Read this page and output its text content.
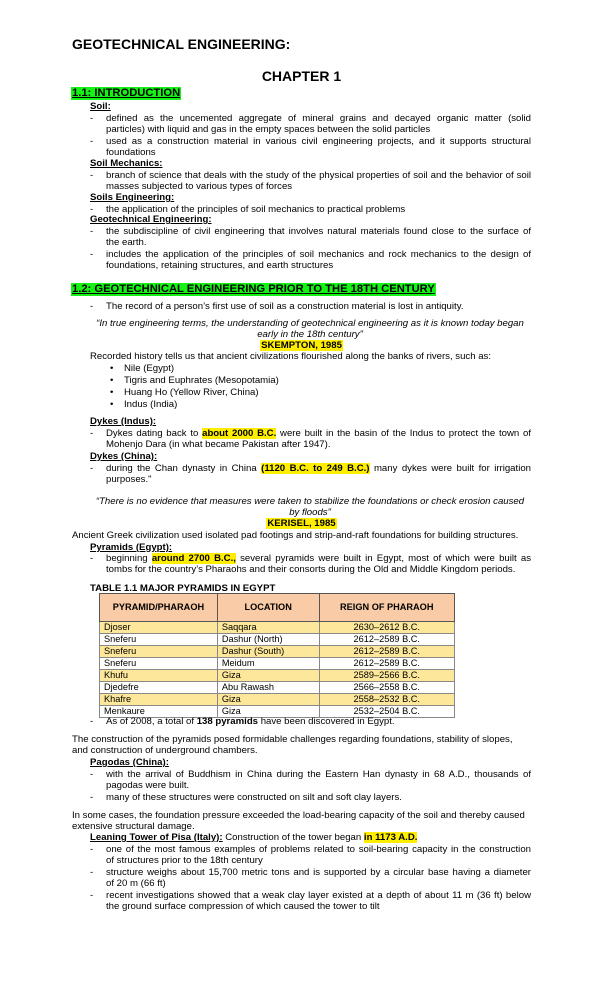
GEOTECHNICAL ENGINEERING:
CHAPTER 1
1.1: INTRODUCTION
Soil:
- defined as the uncemented aggregate of mineral grains and decayed organic matter (solid
particles) with liquid and gas in the empty spaces between the solid particles
- used as a construction material in various civil engineering projects, and it supports structural
foundations
Soil Mechanics:
- branch of science that deals with the study of the physical properties of soil and the behavior of soil
masses subjected to various types of forces
Soils Engineering:
- the application of the principles of soil mechanics to practical problems
Geotechnical Engineering:
- the subdiscipline of civil engineering that involves natural materials found close to the surface of
the earth.
- includes the application of the principles of soil mechanics and rock mechanics to the design of
foundations, retaining structures, and earth structures
1.2: GEOTECHNICAL ENGINEERING PRIOR TO THE 18TH CENTURY
- The record of a person’s first use of soil as a construction material is lost in antiquity.
“In true engineering terms, the understanding of geotechnical engineering as it is known today began
early in the 18th century”
SKEMPTON, 1985
Recorded history tells us that ancient civilizations flourished along the banks of rivers, such as:
• Nile (Egypt)
• Tigris and Euphrates (Mesopotamia)
• Huang Ho (Yellow River, China)
• Indus (India)
Dykes (Indus):
- Dykes dating back to about 2000 B.C. were built in the basin of the Indus to protect the town of
Mohenjo Dara (in what became Pakistan after 1947).
Dykes (China):
- during the Chan dynasty in China (1120 B.C. to 249 B.C.) many dykes were built for irrigation
purposes."
“There is no evidence that measures were taken to stabilize the foundations or check erosion caused
by floods”
KERISEL, 1985
Ancient Greek civilization used isolated pad footings and strip-and-raft foundations for building structures.
Pyramids (Egypt):
- beginning around 2700 B.C., several pyramids were built in Egypt, most of which were built as
tombs for the country’s Pharaohs and their consorts during the Old and Middle Kingdom periods.
TABLE 1.1 MAJOR PYRAMIDS IN EGYPT
PYRAMID/PHARAOH	LOCATION	REIGN OF PHARAOH
Djoser	Saqqara	2630–2612 B.C.
Sneferu	Dashur (North)	2612–2589 B.C.
Sneferu	Dashur (South)	2612–2589 B.C.
Sneferu	Meidum	2612–2589 B.C.
Khufu	Giza	2589–2566 B.C.
Djedefre	Abu Rawash	2566–2558 B.C.
Khafre	Giza	2558–2532 B.C.
Menkaure	Giza	2532–2504 B.C.
- As of 2008, a total of 138 pyramids have been discovered in Egypt.
The construction of the pyramids posed formidable challenges regarding foundations, stability of slopes,
and construction of underground chambers.
Pagodas (China):
- with the arrival of Buddhism in China during the Eastern Han dynasty in 68 A.D., thousands of
pagodas were built.
- many of these structures were constructed on silt and soft clay layers.
In some cases, the foundation pressure exceeded the load-bearing capacity of the soil and thereby caused
extensive structural damage.
Leaning Tower of Pisa (Italy): Construction of the tower began in 1173 A.D.
- one of the most famous examples of problems related to soil-bearing capacity in the construction
of structures prior to the 18th century
- structure weighs about 15,700 metric tons and is supported by a circular base having a diameter
of 20 m (66 ft)
- recent investigations showed that a weak clay layer existed at a depth of about 11 m (36 ft) below
the ground surface compression of which caused the tower to tilt
